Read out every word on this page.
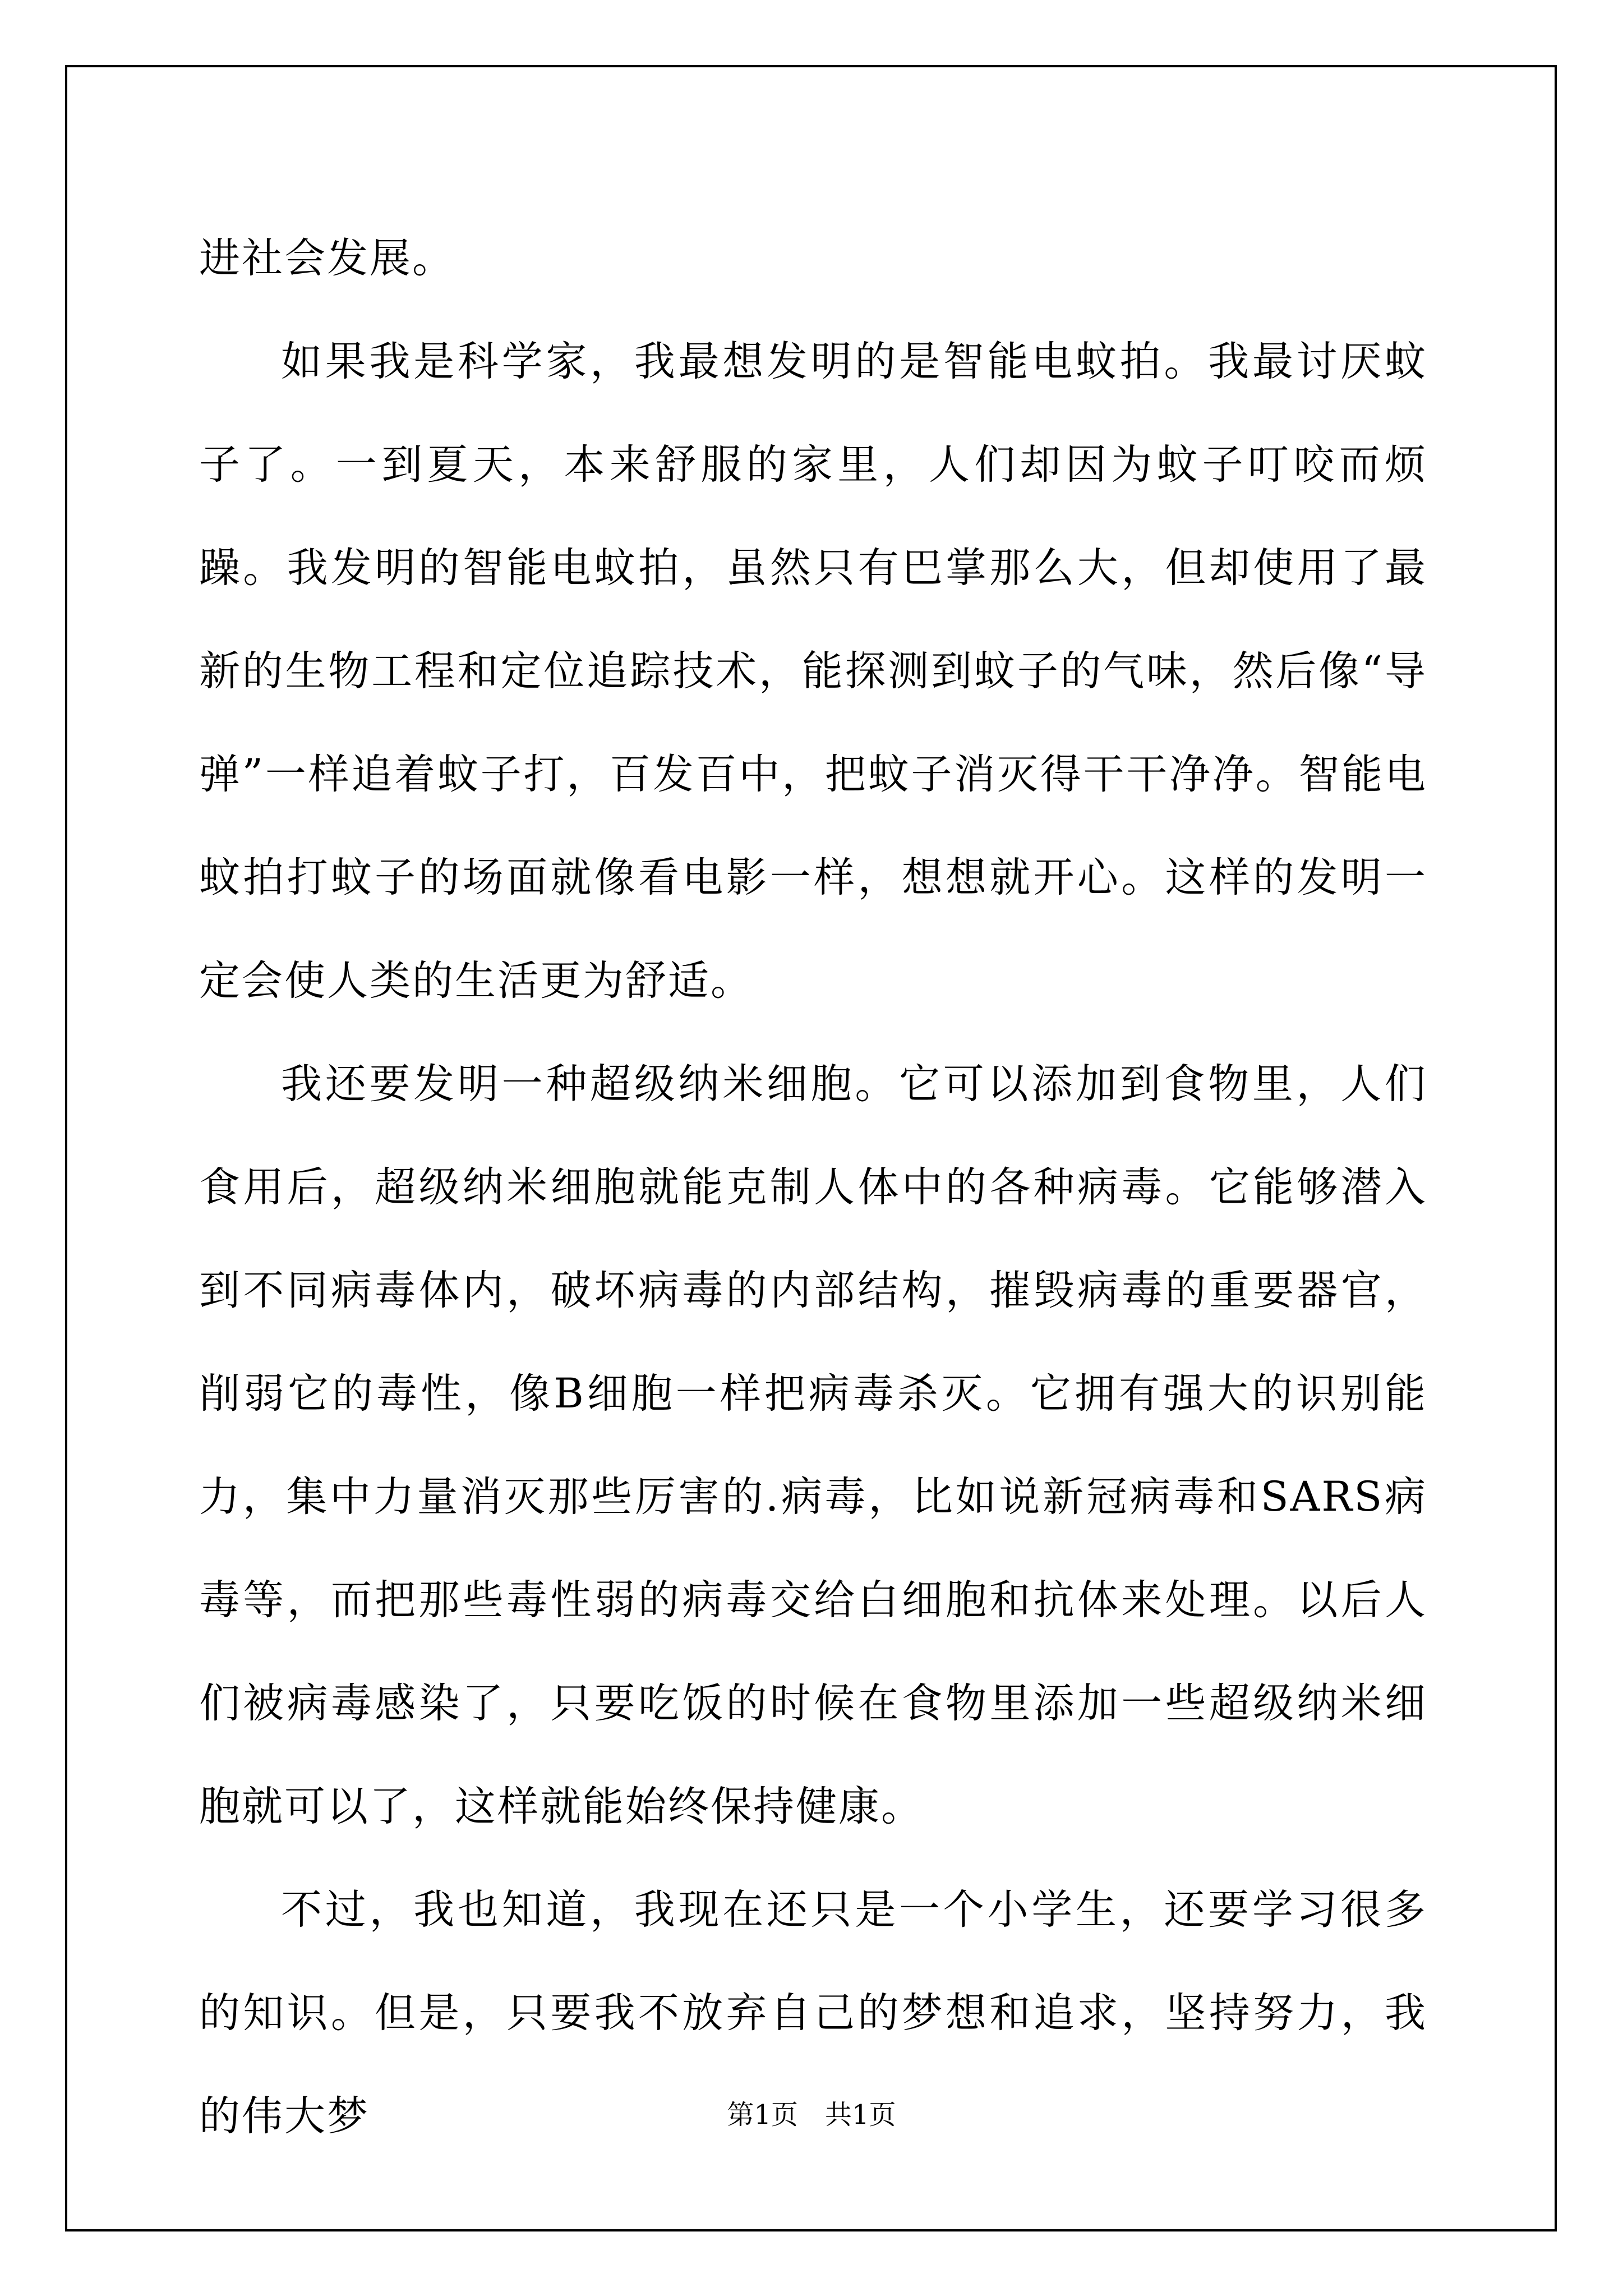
进社会发展。

如果我是科学家，我最想发明的是智能电蚊拍。我最讨厌蚊子了。一到夏天，本来舒服的家里，人们却因为蚊子叮咬而烦躁。我发明的智能电蚊拍，虽然只有巴掌那么大，但却使用了最新的生物工程和定位追踪技术，能探测到蚊子的气味，然后像“导弹”一样追着蚊子打，百发百中，把蚊子消灭得干干净净。智能电蚊拍打蚊子的场面就像看电影一样，想想就开心。这样的发明一定会使人类的生活更为舒适。

我还要发明一种超级纳米细胞。它可以添加到食物里，人们食用后，超级纳米细胞就能克制人体中的各种病毒。它能够潜入到不同病毒体内，破坏病毒的内部结构，摧毁病毒的重要器官，削弱它的毒性，像B细胞一样把病毒杀灭。它拥有强大的识别能力，集中力量消灭那些厉害的.病毒，比如说新冠病毒和SARS病毒等，而把那些毒性弱的病毒交给白细胞和抗体来处理。以后人们被病毒感染了，只要吃饭的时候在食物里添加一些超级纳米细胞就可以了，这样就能始终保持健康。

不过，我也知道，我现在还只是一个小学生，还要学习很多的知识。但是，只要我不放弃自己的梦想和追求，坚持努力，我的伟大梦	第1页　共1页
